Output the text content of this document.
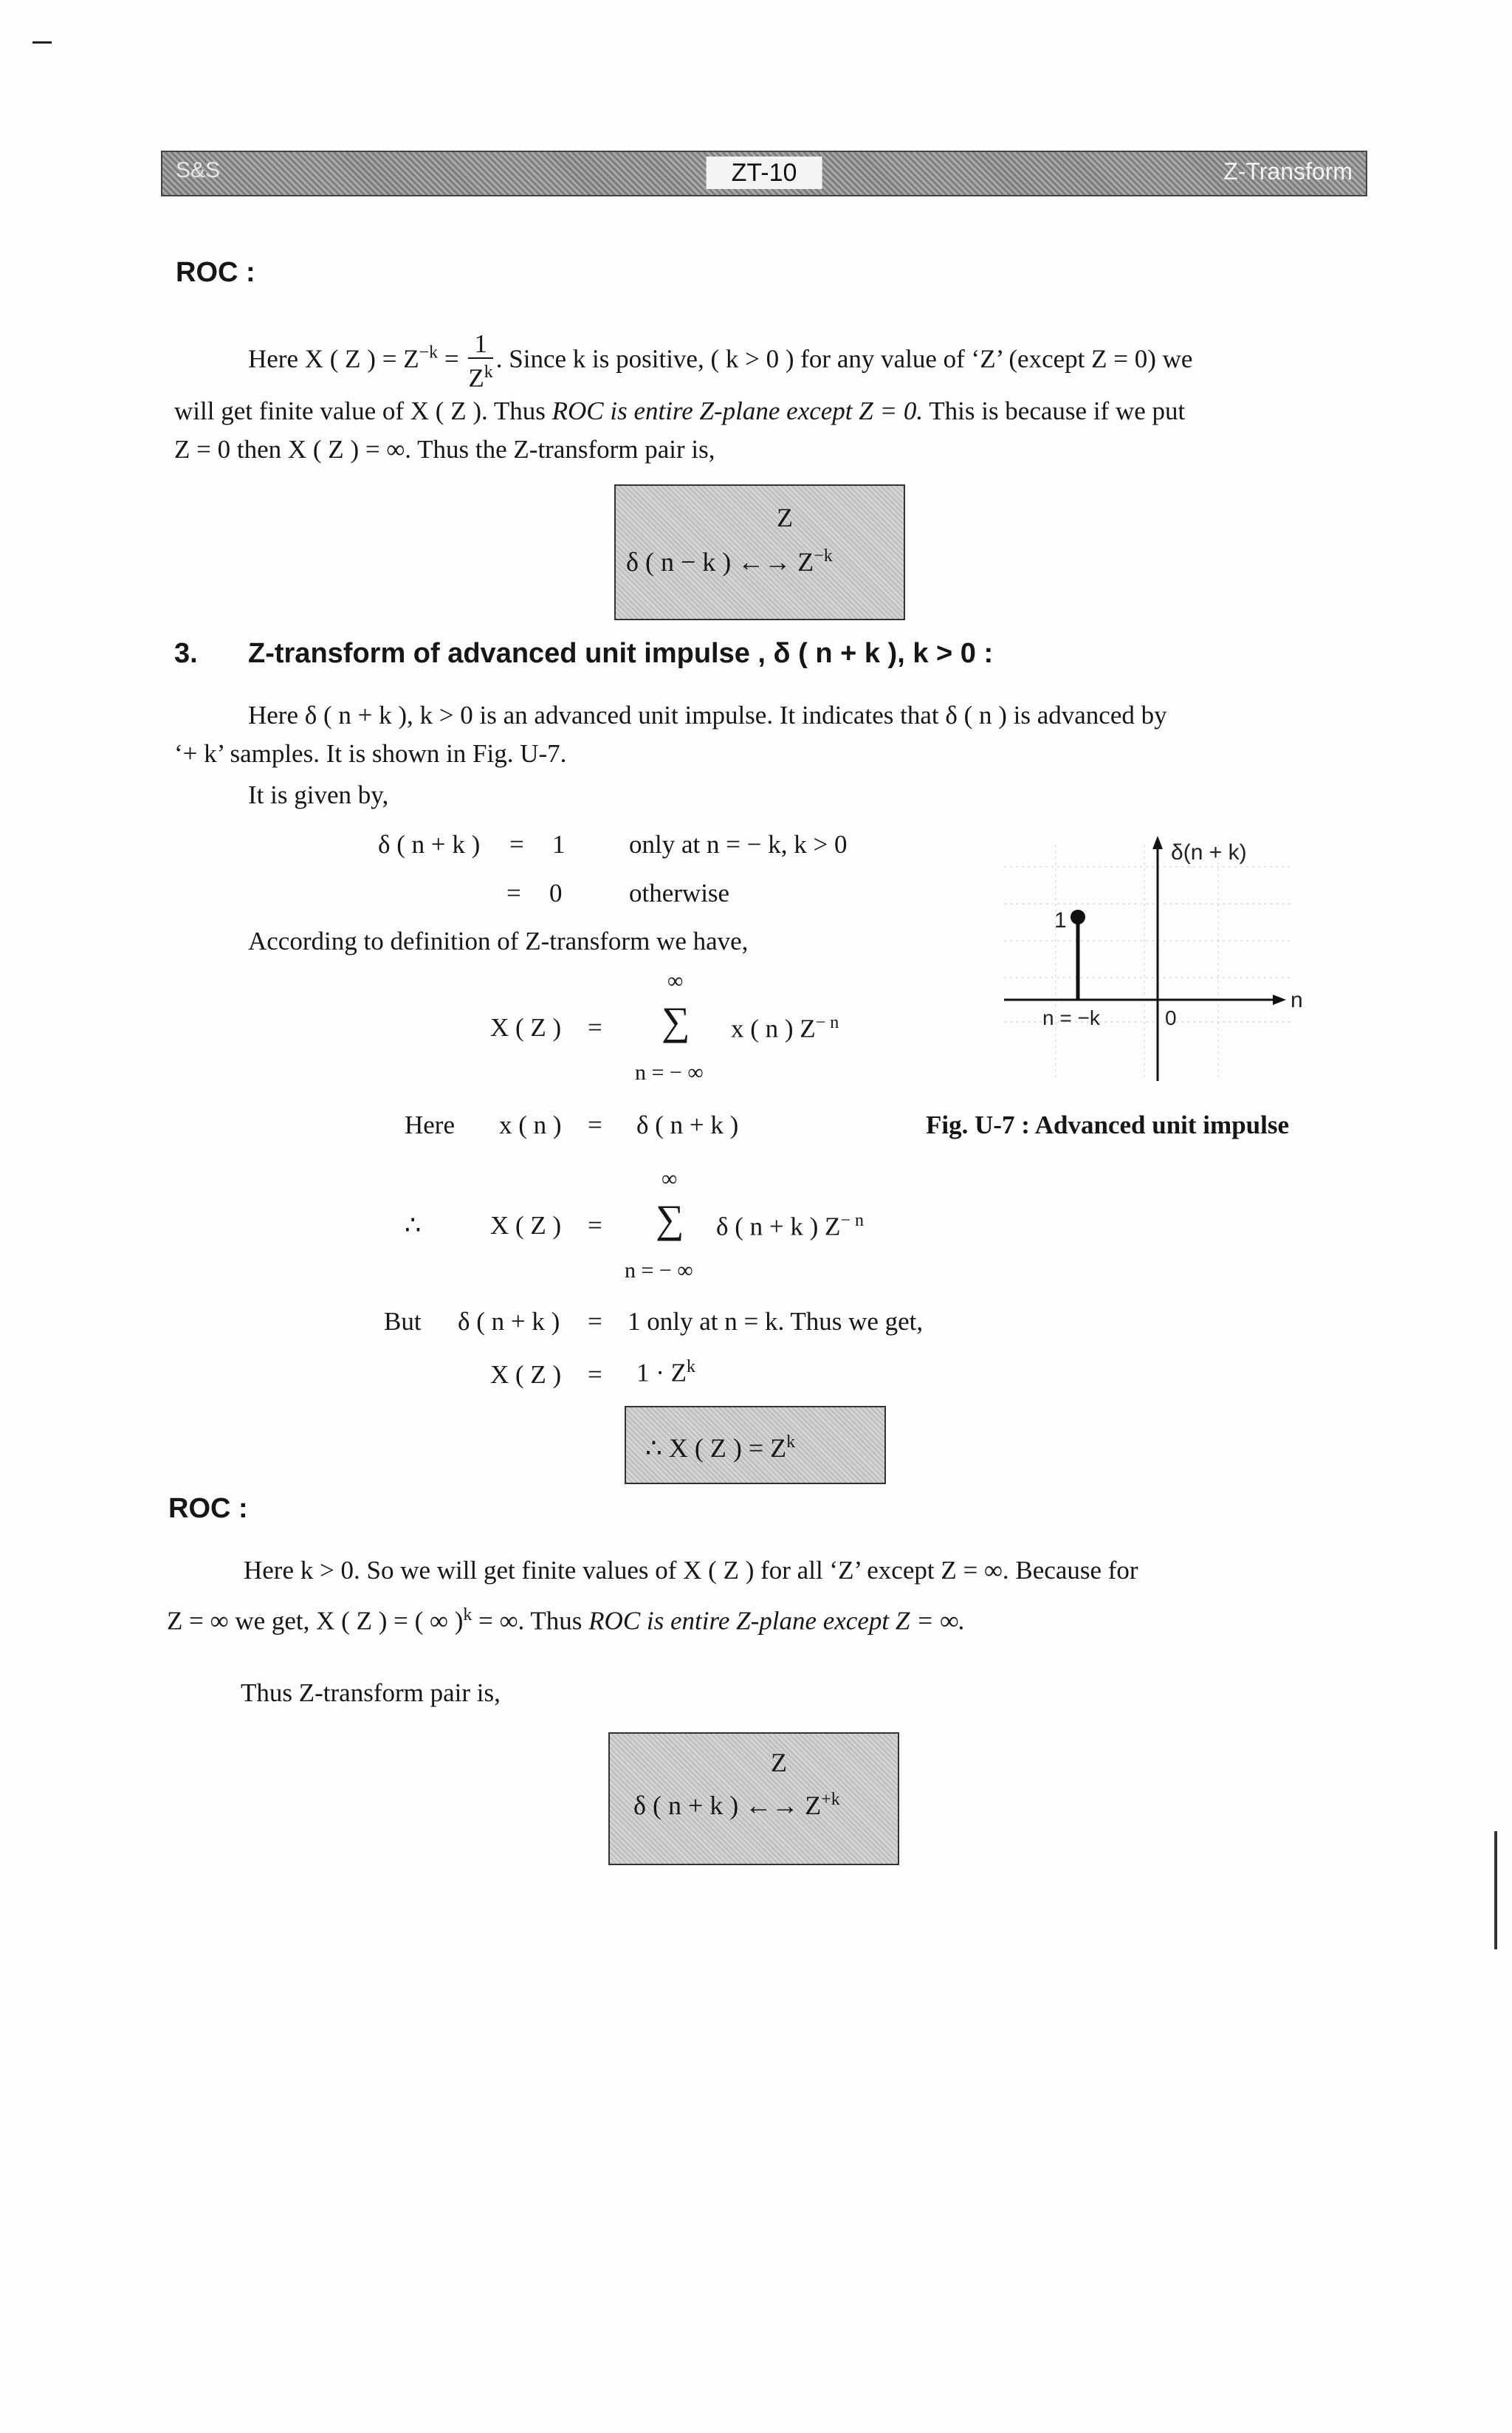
S&S	ZT-10	Z-Transform
ROC :
Here X ( Z ) = $Z^{-k} = \frac{1}{Z^k}$ . Since k is positive, ( k > 0 ) for any value of ‘Z’ (except Z = 0) we
will get finite value of X ( Z ). Thus ROC is entire Z-plane except Z = 0. This is because if we put
Z = 0 then X ( Z ) = ∞. Thus the Z-transform pair is,
Z
δ ( n − k ) ←→ $Z^{-k}$
3. Z-transform of advanced unit impulse , δ ( n + k ), k > 0 :
Here δ ( n + k ), k > 0 is an advanced unit impulse. It indicates that δ ( n ) is advanced by
‘+ k’ samples. It is shown in Fig. U-7.
It is given by,
δ ( n + k ) = 1 only at n = − k, k > 0
= 0	otherwise
According to definition of Z-transform we have,
∞
X ( Z ) = ∑ x ( n ) $Z^{- n}$
n = − ∞
Here x ( n ) = δ ( n + k )
∞
∴	X ( Z ) = ∑ δ ( n + k ) $Z^{- n}$
n = − ∞
But δ ( n + k ) = 1 only at n = k. Thus we get,
X ( Z ) = $1 \cdot Z^k$
∴ X ( Z ) = $Z^k$
δ(n + k)
n
1
n = −k	0
Fig. U-7 : Advanced unit impulse
ROC :
Here k > 0. So we will get finite values of X ( Z ) for all ‘Z’ except Z = ∞. Because for
Z = ∞ we get, X ( Z ) = ( ∞ )$^k$ = ∞. Thus ROC is entire Z-plane except Z = ∞.
Thus Z-transform pair is,
Z
δ ( n + k ) ←→ $Z^{+k}$
